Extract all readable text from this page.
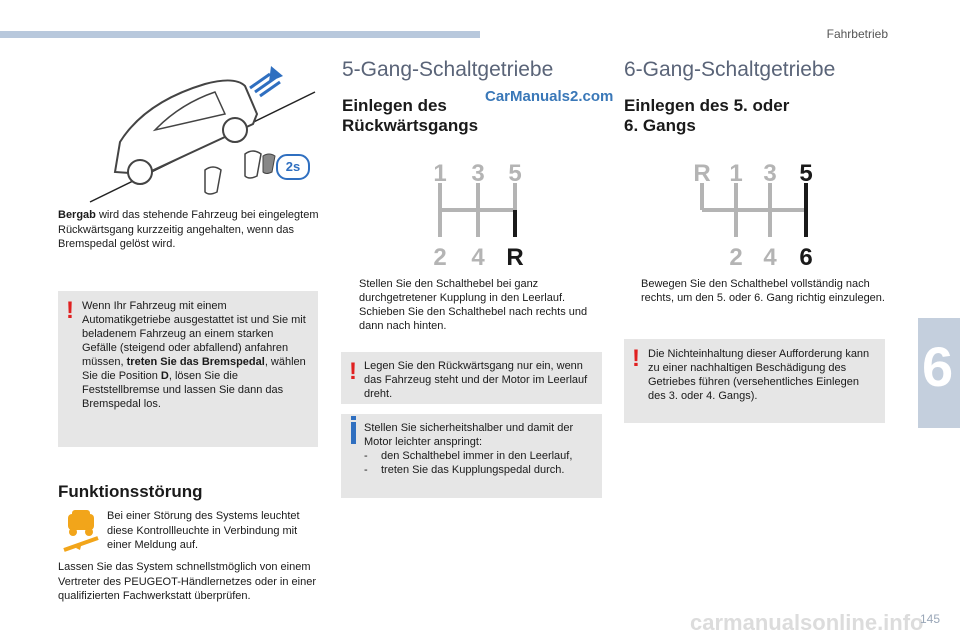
Fahrbetrieb
6
2s
Bergab wird das stehende Fahrzeug bei eingelegtem Rückwärtsgang kurzzeitig angehalten, wenn das Bremspedal gelöst wird.
! Wenn Ihr Fahrzeug mit einem Automatikgetriebe ausgestattet ist und Sie mit beladenem Fahrzeug an einem starken Gefälle (steigend oder abfallend) anfahren müssen, treten Sie das Bremspedal, wählen Sie die Position D, lösen Sie die Feststellbremse und lassen Sie dann das Bremspedal los.
Funktionsstörung
Bei einer Störung des Systems leuchtet diese Kontrollleuchte in Verbindung mit einer Meldung auf.
Lassen Sie das System schnellstmöglich von einem Vertreter des PEUGEOT-Händlernetzes oder in einer qualifizierten Fachwerkstatt überprüfen.
5-Gang-Schaltgetriebe
CarManuals2.com
Einlegen des
Rückwärtsgangs
1 3 5
2 4 R
Stellen Sie den Schalthebel bei ganz durchgetretener Kupplung in den Leerlauf.
Schieben Sie den Schalthebel nach rechts und dann nach hinten.
! Legen Sie den Rückwärtsgang nur ein, wenn das Fahrzeug steht und der Motor im Leerlauf dreht.
Stellen Sie sicherheitshalber und damit der Motor leichter anspringt:
- den Schalthebel immer in den Leerlauf,
- treten Sie das Kupplungspedal durch.
6-Gang-Schaltgetriebe
Einlegen des 5. oder
6. Gangs
R 1 3 5
2 4 6
Bewegen Sie den Schalthebel vollständig nach rechts, um den 5. oder 6. Gang richtig einzulegen.
! Die Nichteinhaltung dieser Aufforderung kann zu einer nachhaltigen Beschädigung des Getriebes führen (versehentliches Einlegen des 3. oder 4. Gangs).
carmanualsonline.info
145
